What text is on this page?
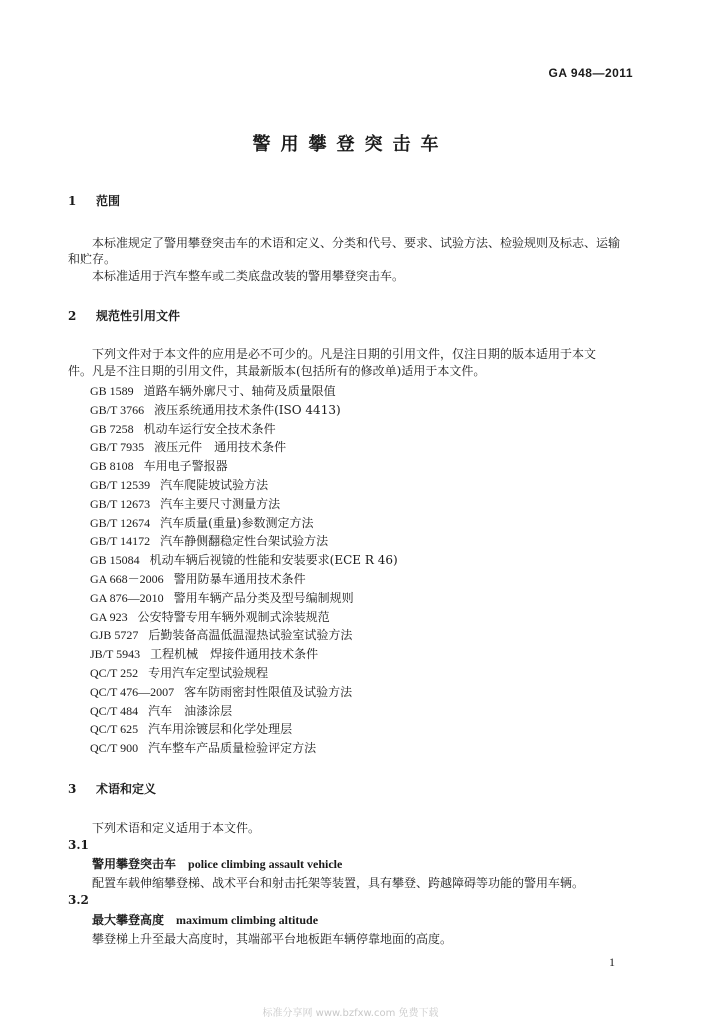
GA 948—2011
警用攀登突击车
1 范围
本标准规定了警用攀登突击车的术语和定义、分类和代号、要求、试验方法、检验规则及标志、运输
和贮存。
本标准适用于汽车整车或二类底盘改装的警用攀登突击车。
2 规范性引用文件
下列文件对于本文件的应用是必不可少的。凡是注日期的引用文件，仅注日期的版本适用于本文
件。凡是不注日期的引用文件，其最新版本(包括所有的修改单)适用于本文件。
GB 1589 道路车辆外廓尺寸、轴荷及质量限值
GB/T 3766 液压系统通用技术条件(ISO 4413)
GB 7258 机动车运行安全技术条件
GB/T 7935 液压元件　通用技术条件
GB 8108 车用电子警报器
GB/T 12539 汽车爬陡坡试验方法
GB/T 12673 汽车主要尺寸测量方法
GB/T 12674 汽车质量(重量)参数测定方法
GB/T 14172 汽车静侧翻稳定性台架试验方法
GB 15084 机动车辆后视镜的性能和安装要求(ECE R 46)
GA 668－2006 警用防暴车通用技术条件
GA 876—2010 警用车辆产品分类及型号编制规则
GA 923 公安特警专用车辆外观制式涂装规范
GJB 5727 后勤装备高温低温湿热试验室试验方法
JB/T 5943 工程机械　焊接件通用技术条件
QC/T 252 专用汽车定型试验规程
QC/T 476—2007 客车防雨密封性限值及试验方法
QC/T 484 汽车　油漆涂层
QC/T 625 汽车用涂镀层和化学处理层
QC/T 900 汽车整车产品质量检验评定方法
3 术语和定义
下列术语和定义适用于本文件。
3.1
警用攀登突击车 police climbing assault vehicle
配置车载伸缩攀登梯、战术平台和射击托架等装置，具有攀登、跨越障碍等功能的警用车辆。
3.2
最大攀登高度 maximum climbing altitude
攀登梯上升至最大高度时，其端部平台地板距车辆停靠地面的高度。
1
标准分享网 www.bzfxw.com 免费下载
